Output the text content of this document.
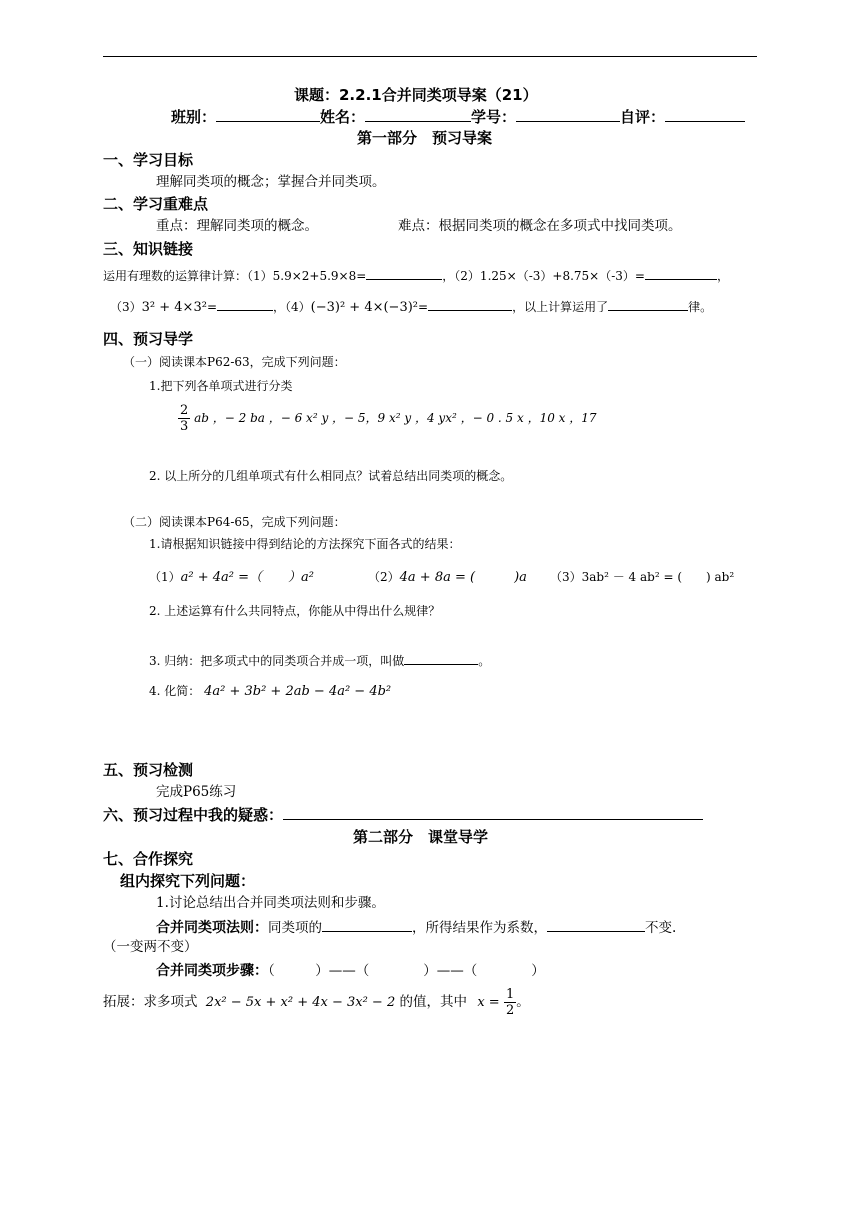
课题：2.2.1合并同类项导案（21）
班别：	姓名：	学号：	自评：
第一部分　预习导案
一、学习目标
理解同类项的概念；掌握合并同类项。
二、学习重难点
重点：理解同类项的概念。	难点：根据同类项的概念在多项式中找同类项。
三、知识链接
运用有理数的运算律计算：（1）5.9×2+5.9×8=	，（2）1.25×（-3）+8.75×（-3）=	，
（3）3² + 4×3²=	，（4）(−3)² + 4×(−3)²=	，以上计算运用了	律。
四、预习导学
（一）阅读课本P62-63，完成下列问题：
1.把下列各单项式进行分类
$\frac{2}{3}$ ab ，− 2 ba ，− 6 x² y ，− 5，9 x² y ，4 yx² ，− 0 . 5 x ，10 x ，17
2. 以上所分的几组单项式有什么相同点？试着总结出同类项的概念。
（二）阅读课本P64-65，完成下列问题：
1.请根据知识链接中得到结论的方法探究下面各式的结果：
（1）a² + 4a² =（　　）a²	（2）4a + 8a = (　　　)a （3）3ab² － 4 ab² = (　　) ab²
2. 上述运算有什么共同特点，你能从中得出什么规律？
3. 归纳：把多项式中的同类项合并成一项，叫做	。
4. 化简： 4a² + 3b² + 2ab − 4a² − 4b²
五、预习检测
完成P65练习
六、预习过程中我的疑惑：
第二部分　课堂导学
七、合作探究
组内探究下列问题：
1.讨论总结出合并同类项法则和步骤。
合并同类项法则：同类项的	，所得结果作为系数，	不变.
（一变两不变）
合并同类项步骤：（　　　）——（　　　　）——（　　　　）
拓展：求多项式 2x² − 5x + x² + 4x − 3x² − 2 的值，其中 $x = \frac{1}{2}$ 。
